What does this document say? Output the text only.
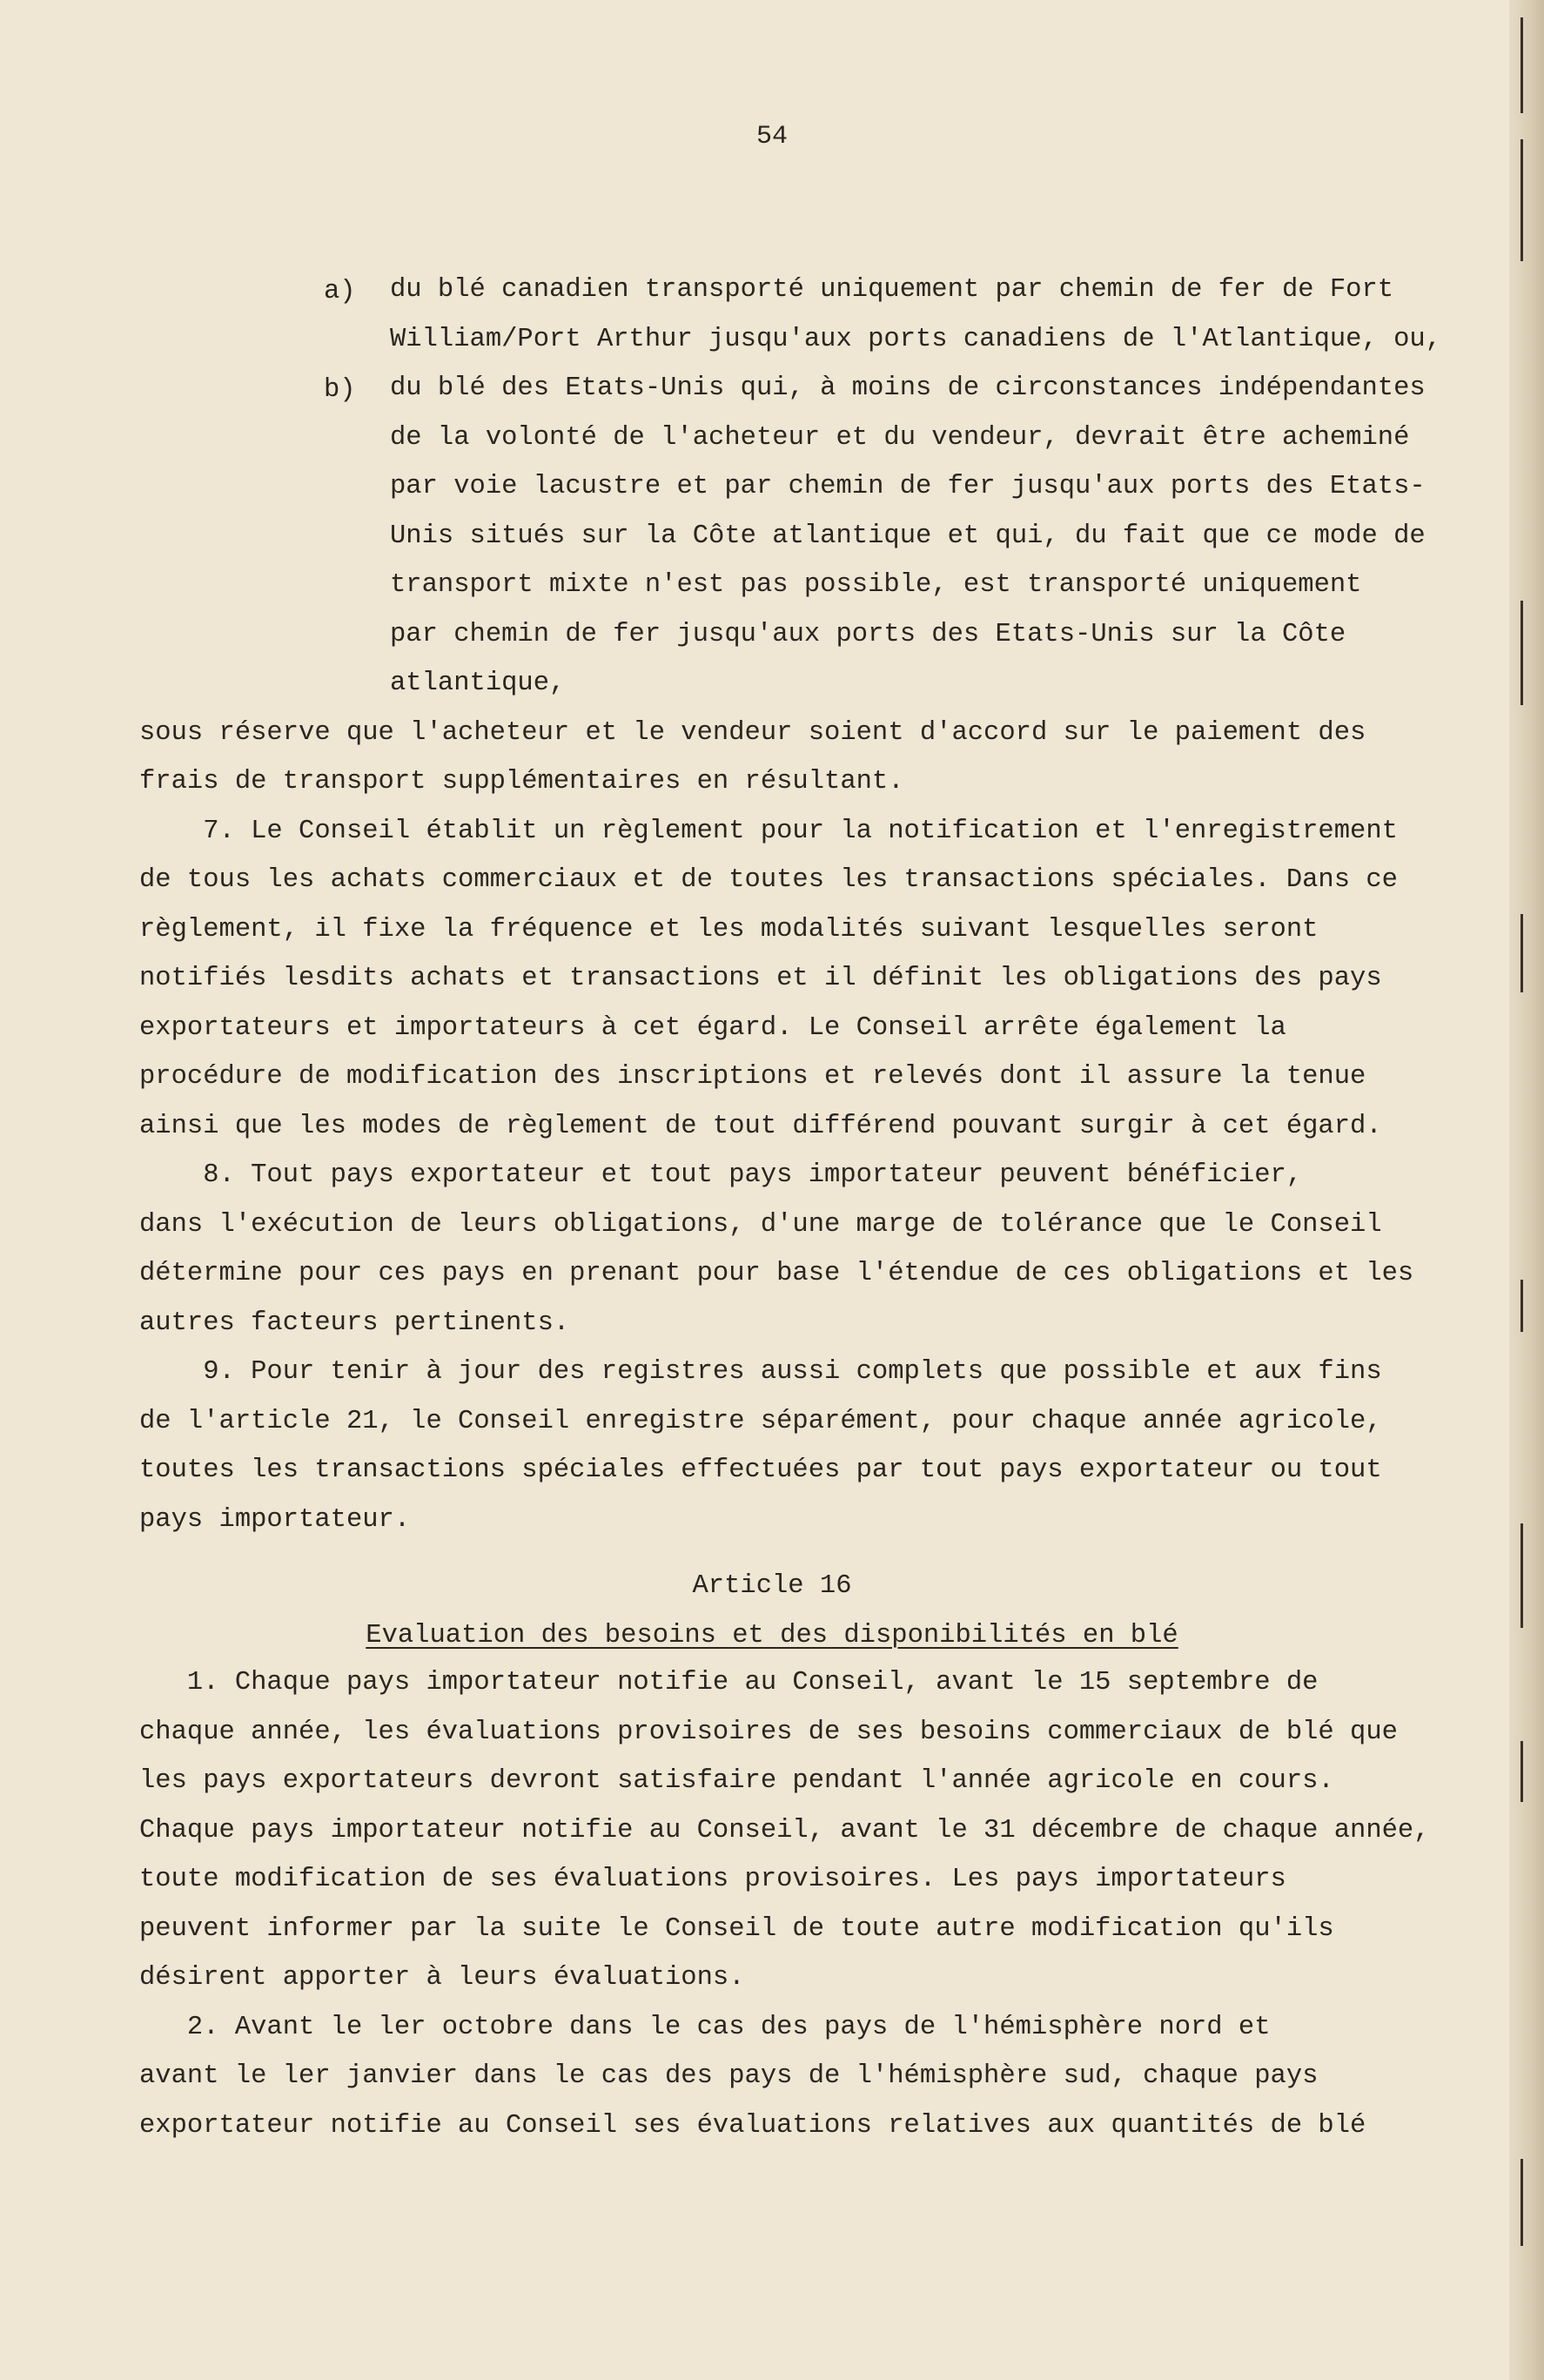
54
a) du blé canadien transporté uniquement par chemin de fer de Fort
William/Port Arthur jusqu'aux ports canadiens de l'Atlantique, ou,
b) du blé des Etats-Unis qui, à moins de circonstances indépendantes
de la volonté de l'acheteur et du vendeur, devrait être acheminé
par voie lacustre et par chemin de fer jusqu'aux ports des Etats-
Unis situés sur la Côte atlantique et qui, du fait que ce mode de
transport mixte n'est pas possible, est transporté uniquement
par chemin de fer jusqu'aux ports des Etats-Unis sur la Côte
atlantique,
sous réserve que l'acheteur et le vendeur soient d'accord sur le paiement des
frais de transport supplémentaires en résultant.
7. Le Conseil établit un règlement pour la notification et l'enregistrement
de tous les achats commerciaux et de toutes les transactions spéciales. Dans ce
règlement, il fixe la fréquence et les modalités suivant lesquelles seront
notifiés lesdits achats et transactions et il définit les obligations des pays
exportateurs et importateurs à cet égard. Le Conseil arrête également la
procédure de modification des inscriptions et relevés dont il assure la tenue
ainsi que les modes de règlement de tout différend pouvant surgir à cet égard.
8. Tout pays exportateur et tout pays importateur peuvent bénéficier,
dans l'exécution de leurs obligations, d'une marge de tolérance que le Conseil
détermine pour ces pays en prenant pour base l'étendue de ces obligations et les
autres facteurs pertinents.
9. Pour tenir à jour des registres aussi complets que possible et aux fins
de l'article 21, le Conseil enregistre séparément, pour chaque année agricole,
toutes les transactions spéciales effectuées par tout pays exportateur ou tout
pays importateur.
Article 16
Evaluation des besoins et des disponibilités en blé
1. Chaque pays importateur notifie au Conseil, avant le 15 septembre de
chaque année, les évaluations provisoires de ses besoins commerciaux de blé que
les pays exportateurs devront satisfaire pendant l'année agricole en cours.
Chaque pays importateur notifie au Conseil, avant le 31 décembre de chaque année,
toute modification de ses évaluations provisoires. Les pays importateurs
peuvent informer par la suite le Conseil de toute autre modification qu'ils
désirent apporter à leurs évaluations.
2. Avant le ler octobre dans le cas des pays de l'hémisphère nord et
avant le ler janvier dans le cas des pays de l'hémisphère sud, chaque pays
exportateur notifie au Conseil ses évaluations relatives aux quantités de blé
